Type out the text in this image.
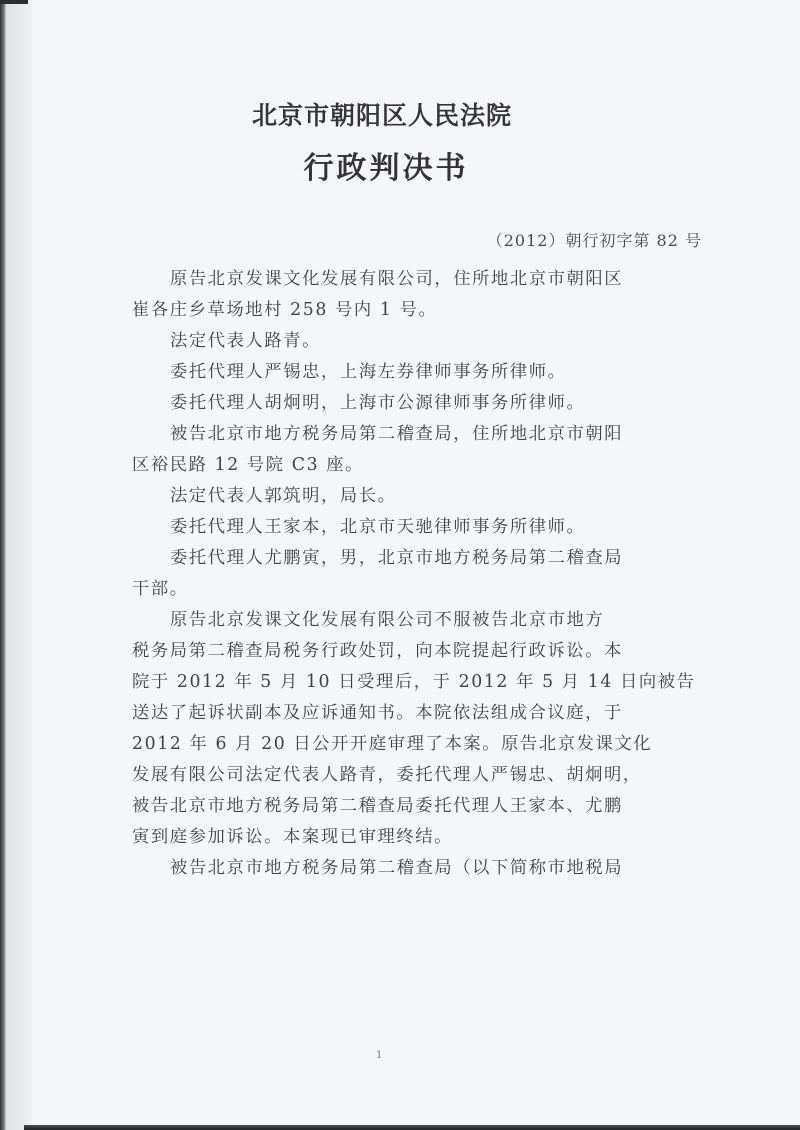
北京市朝阳区人民法院
行政判决书
（2012）朝行初字第 82 号
原告北京发课文化发展有限公司，住所地北京市朝阳区
崔各庄乡草场地村 258 号内 1 号。
法定代表人路青。
委托代理人严锡忠，上海左券律师事务所律师。
委托代理人胡炯明，上海市公源律师事务所律师。
被告北京市地方税务局第二稽查局，住所地北京市朝阳
区裕民路 12 号院 C3 座。
法定代表人郭筑明，局长。
委托代理人王家本，北京市天驰律师事务所律师。
委托代理人尤鹏寅，男，北京市地方税务局第二稽查局
干部。
原告北京发课文化发展有限公司不服被告北京市地方
税务局第二稽查局税务行政处罚，向本院提起行政诉讼。本
院于 2012 年 5 月 10 日受理后，于 2012 年 5 月 14 日向被告
送达了起诉状副本及应诉通知书。本院依法组成合议庭，于
2012 年 6 月 20 日公开开庭审理了本案。原告北京发课文化
发展有限公司法定代表人路青，委托代理人严锡忠、胡炯明，
被告北京市地方税务局第二稽查局委托代理人王家本、尤鹏
寅到庭参加诉讼。本案现已审理终结。
被告北京市地方税务局第二稽查局（以下简称市地税局
1
